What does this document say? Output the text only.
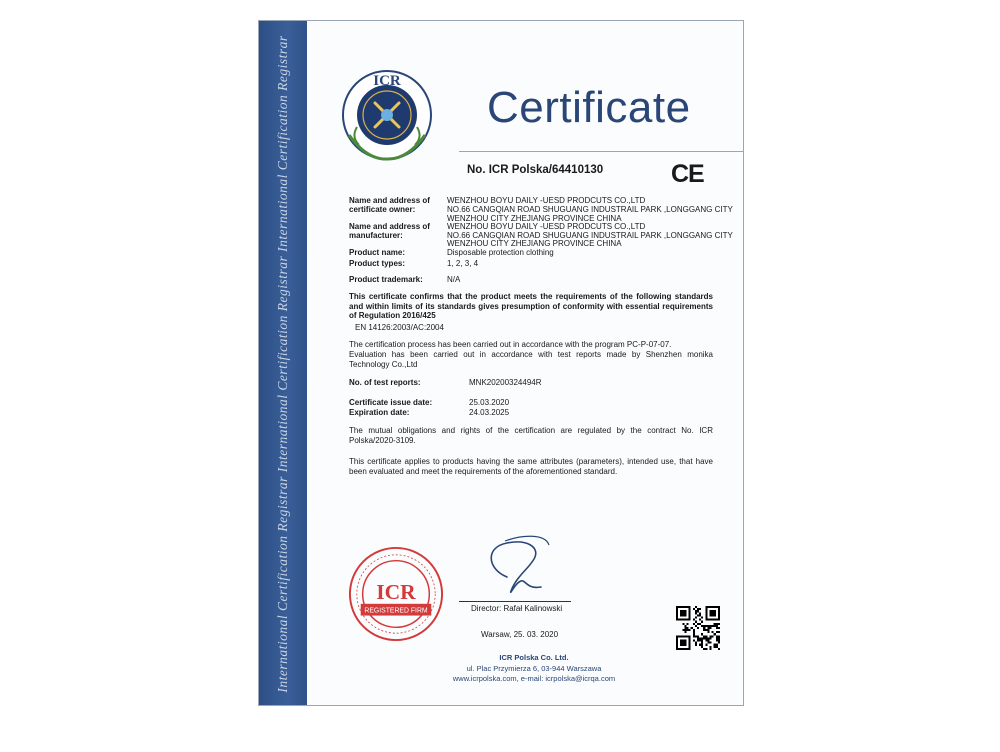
International Certification Registrar International Certification Registrar International Certification Registrar	ICR
Certificate
No. ICR Polska/64410130	CE
Name and address of
certificate owner:
WENZHOU BOYU DAILY -UESD PRODCUTS CO.,LTD
NO.66 CANGQIAN ROAD SHUGUANG INDUSTRAIL PARK ,LONGGANG CITY
WENZHOU CITY ZHEJIANG PROVINCE CHINA
Name and address of
manufacturer:
WENZHOU BOYU DAILY -UESD PRODCUTS CO.,LTD
NO.66 CANGQIAN ROAD SHUGUANG INDUSTRAIL PARK ,LONGGANG CITY
WENZHOU CITY ZHEJIANG PROVINCE CHINA
Product name:	Disposable protection clothing
Product types:	1, 2, 3, 4
Product trademark:	N/A
This certificate confirms that the product meets the requirements of the following standards and within limits of its standards gives presumption of conformity with essential requirements of Regulation 2016/425
EN 14126:2003/AC:2004
The certification process has been carried out in accordance with the program PC-P-07-07.
Evaluation has been carried out in accordance with test reports made by Shenzhen monika Technology Co.,Ltd
No. of test reports:	MNK20200324494R
Certificate issue date:	25.03.2020
Expiration date:	24.03.2025
The mutual obligations and rights of the certification are regulated by the contract No. ICR Polska/2020-3109.
This certificate applies to products having the same attributes (parameters), intended use, that have been evaluated and meet the requirements of the aforementioned standard.
ICR
REGISTERED FIRM	Director: Rafał Kalinowski
Warsaw, 25. 03. 2020
ICR Polska Co. Ltd.
ul. Plac Przymierza 6, 03-944 Warszawa
www.icrpolska.com, e-mail: icrpolska@icrqa.com
